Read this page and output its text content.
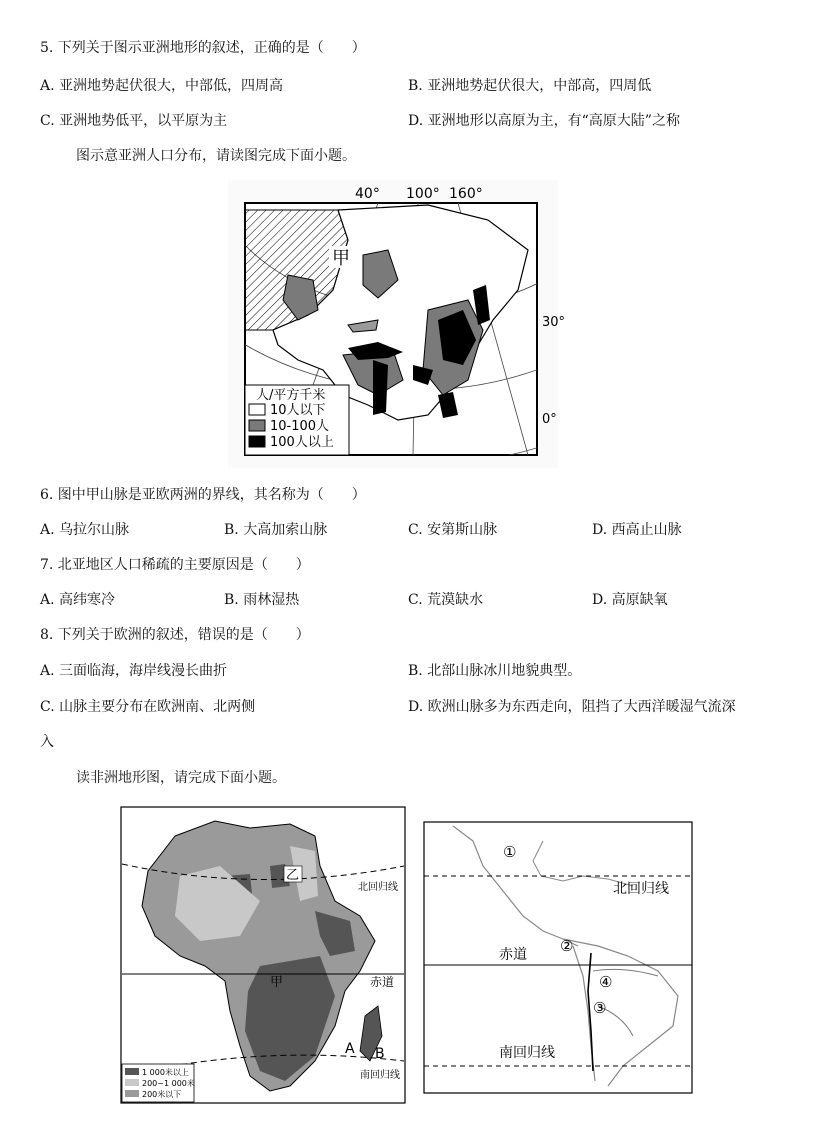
5. 下列关于图示亚洲地形的叙述，正确的是（　　）
A. 亚洲地势起伏很大，中部低，四周高	B. 亚洲地势起伏很大，中部高，四周低
C. 亚洲地势低平，以平原为主	D. 亚洲地形以高原为主，有“高原大陆”之称
图示意亚洲人口分布，请读图完成下面小题。
40° 100° 160°
30°
0°
甲
人/平方千米
10人以下
10-100人
100人以上
6. 图中甲山脉是亚欧两洲的界线，其名称为（　　）
A. 乌拉尔山脉	B. 大高加索山脉	C. 安第斯山脉	D. 西高止山脉
7. 北亚地区人口稀疏的主要原因是（　　）
A. 高纬寒冷	B. 雨林湿热	C. 荒漠缺水	D. 高原缺氧
8. 下列关于欧洲的叙述，错误的是（　　）
A. 三面临海，海岸线漫长曲折	B. 北部山脉冰川地貌典型。
C. 山脉主要分布在欧洲南、北两侧	D. 欧洲山脉多为东西走向，阻挡了大西洋暖湿气流深
入
读非洲地形图，请完成下面小题。
乙
甲
A B
北回归线
赤道
南回归线
1 000米以上
200~1 000米
200米以下
①
②
③
④
北回归线
赤道
南回归线
